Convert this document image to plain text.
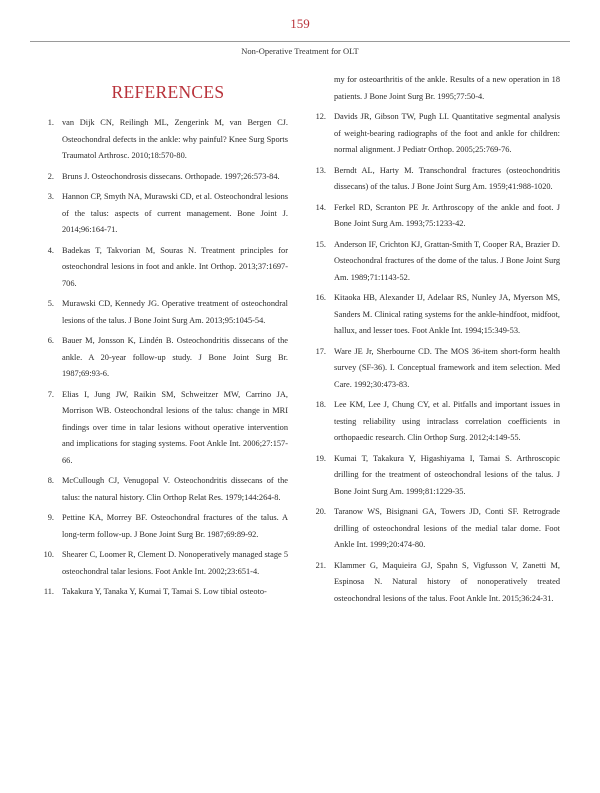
159
Non-Operative Treatment for OLT
REFERENCES
1. van Dijk CN, Reilingh ML, Zengerink M, van Bergen CJ. Osteochondral defects in the ankle: why painful? Knee Surg Sports Traumatol Arthrosc. 2010;18:570-80.
2. Bruns J. Osteochondrosis dissecans. Orthopade. 1997;26:573-84.
3. Hannon CP, Smyth NA, Murawski CD, et al. Osteochondral lesions of the talus: aspects of current management. Bone Joint J. 2014;96:164-71.
4. Badekas T, Takvorian M, Souras N. Treatment principles for osteochondral lesions in foot and ankle. Int Orthop. 2013;37:1697-706.
5. Murawski CD, Kennedy JG. Operative treatment of osteochondral lesions of the talus. J Bone Joint Surg Am. 2013;95:1045-54.
6. Bauer M, Jonsson K, Lindén B. Osteochondritis dissecans of the ankle. A 20-year follow-up study. J Bone Joint Surg Br. 1987;69:93-6.
7. Elias I, Jung JW, Raikin SM, Schweitzer MW, Carrino JA, Morrison WB. Osteochondral lesions of the talus: change in MRI findings over time in talar lesions without operative intervention and implications for staging systems. Foot Ankle Int. 2006;27:157-66.
8. McCullough CJ, Venugopal V. Osteochondritis dissecans of the talus: the natural history. Clin Orthop Relat Res. 1979;144:264-8.
9. Pettine KA, Morrey BF. Osteochondral fractures of the talus. A long-term follow-up. J Bone Joint Surg Br. 1987;69:89-92.
10. Shearer C, Loomer R, Clement D. Nonoperatively managed stage 5 osteochondral talar lesions. Foot Ankle Int. 2002;23:651-4.
11. Takakura Y, Tanaka Y, Kumai T, Tamai S. Low tibial osteoto-
my for osteoarthritis of the ankle. Results of a new operation in 18 patients. J Bone Joint Surg Br. 1995;77:50-4.
12. Davids JR, Gibson TW, Pugh LI. Quantitative segmental analysis of weight-bearing radiographs of the foot and ankle for children: normal alignment. J Pediatr Orthop. 2005;25:769-76.
13. Berndt AL, Harty M. Transchondral fractures (osteochondritis dissecans) of the talus. J Bone Joint Surg Am. 1959;41:988-1020.
14. Ferkel RD, Scranton PE Jr. Arthroscopy of the ankle and foot. J Bone Joint Surg Am. 1993;75:1233-42.
15. Anderson IF, Crichton KJ, Grattan-Smith T, Cooper RA, Brazier D. Osteochondral fractures of the dome of the talus. J Bone Joint Surg Am. 1989;71:1143-52.
16. Kitaoka HB, Alexander IJ, Adelaar RS, Nunley JA, Myerson MS, Sanders M. Clinical rating systems for the ankle-hindfoot, midfoot, hallux, and lesser toes. Foot Ankle Int. 1994;15:349-53.
17. Ware JE Jr, Sherbourne CD. The MOS 36-item short-form health survey (SF-36). I. Conceptual framework and item selection. Med Care. 1992;30:473-83.
18. Lee KM, Lee J, Chung CY, et al. Pitfalls and important issues in testing reliability using intraclass correlation coefficients in orthopaedic research. Clin Orthop Surg. 2012;4:149-55.
19. Kumai T, Takakura Y, Higashiyama I, Tamai S. Arthroscopic drilling for the treatment of osteochondral lesions of the talus. J Bone Joint Surg Am. 1999;81:1229-35.
20. Taranow WS, Bisignani GA, Towers JD, Conti SF. Retrograde drilling of osteochondral lesions of the medial talar dome. Foot Ankle Int. 1999;20:474-80.
21. Klammer G, Maquieira GJ, Spahn S, Vigfusson V, Zanetti M, Espinosa N. Natural history of nonoperatively treated osteochondral lesions of the talus. Foot Ankle Int. 2015;36:24-31.
